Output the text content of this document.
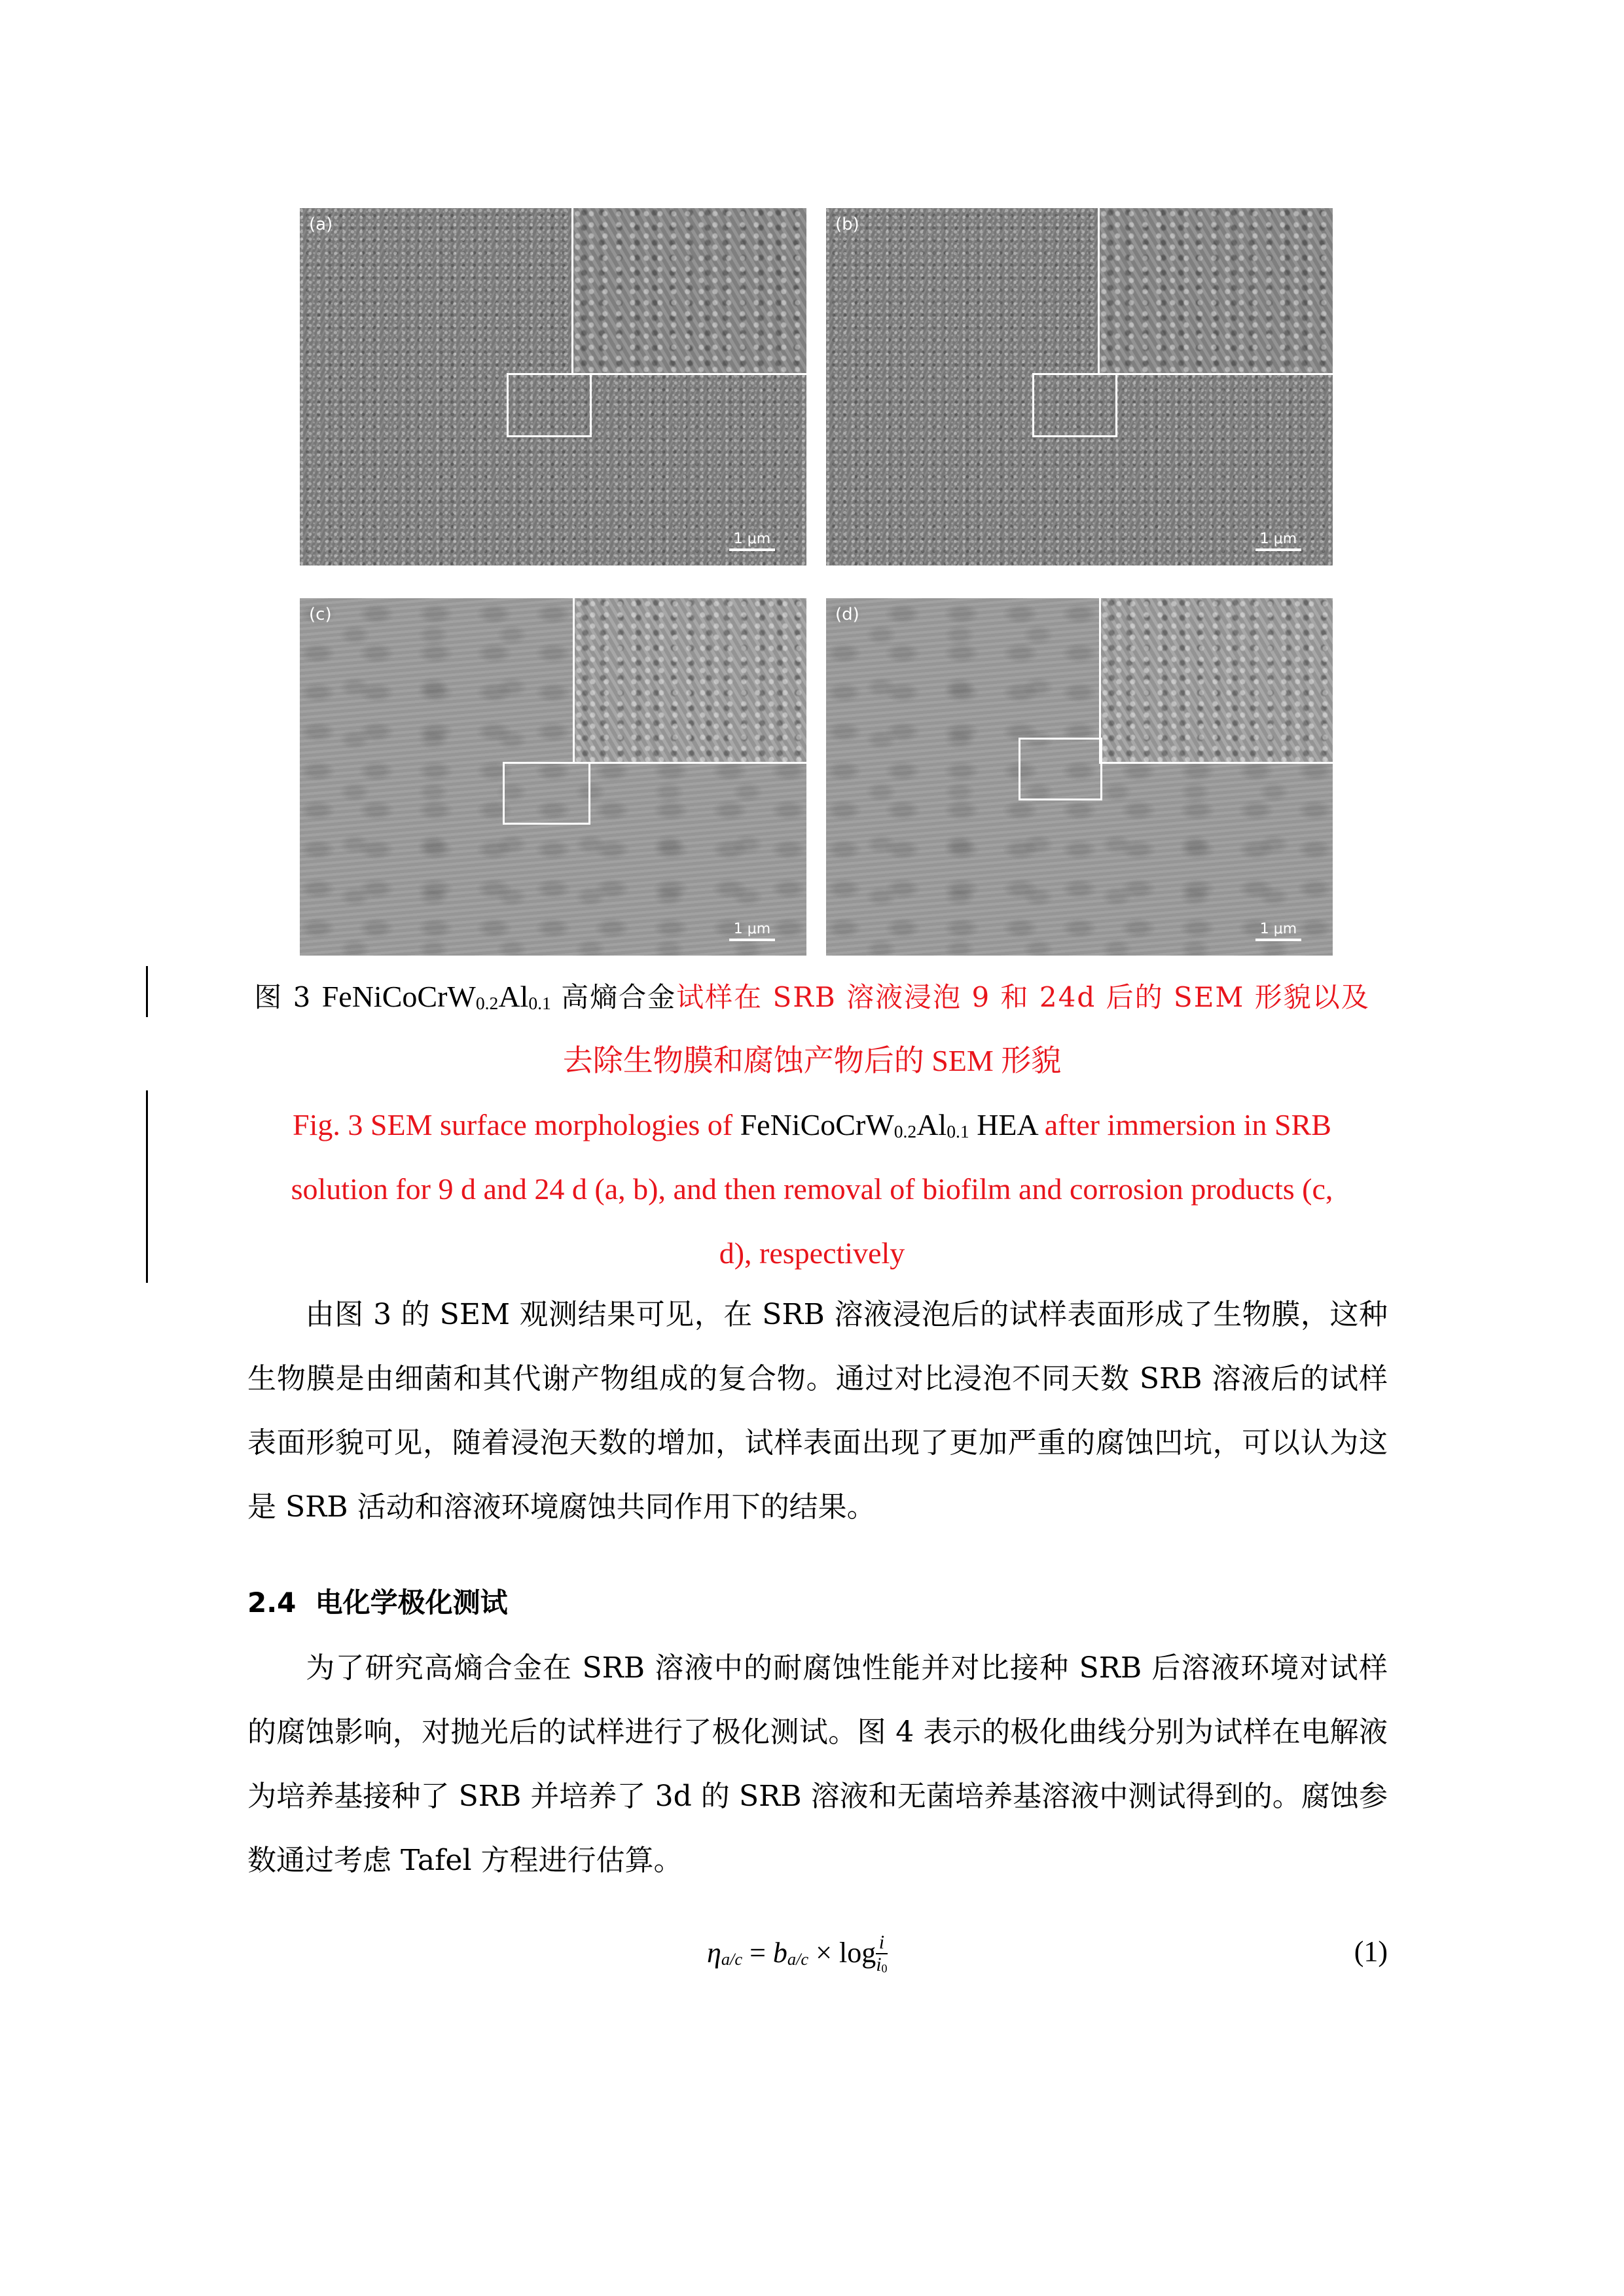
(a)
1 μm
(b)
1 μm
(c)
1 μm
(d)
1 μm
图 3 $FeNiCoCrW_{0.2}Al_{0.1}$ 高熵合金试样在 SRB 溶液浸泡 9 和 24d 后的 SEM 形貌以及
去除生物膜和腐蚀产物后的 SEM 形貌
Fig. 3 SEM surface morphologies of $FeNiCoCrW_{0.2}Al_{0.1}$ HEA after immersion in SRB
solution for 9 d and 24 d (a, b), and then removal of biofilm and corrosion products (c,
d), respectively
由图 3 的 SEM 观测结果可见，在 SRB 溶液浸泡后的试样表面形成了生物膜，这种生物膜是由细菌和其代谢产物组成的复合物。通过对比浸泡不同天数 SRB 溶液后的试样表面形貌可见，随着浸泡天数的增加，试样表面出现了更加严重的腐蚀凹坑，可以认为这是 SRB 活动和溶液环境腐蚀共同作用下的结果。
2.4 电化学极化测试
为了研究高熵合金在 SRB 溶液中的耐腐蚀性能并对比接种 SRB 后溶液环境对试样的腐蚀影响，对抛光后的试样进行了极化测试。图 4 表示的极化曲线分别为试样在电解液为培养基接种了 SRB 并培养了 3d 的 SRB 溶液和无菌培养基溶液中测试得到的。腐蚀参数通过考虑 Tafel 方程进行估算。
$\eta_{a/c} = b_{a/c} \times \log \frac{i}{i_0}$	(1)
